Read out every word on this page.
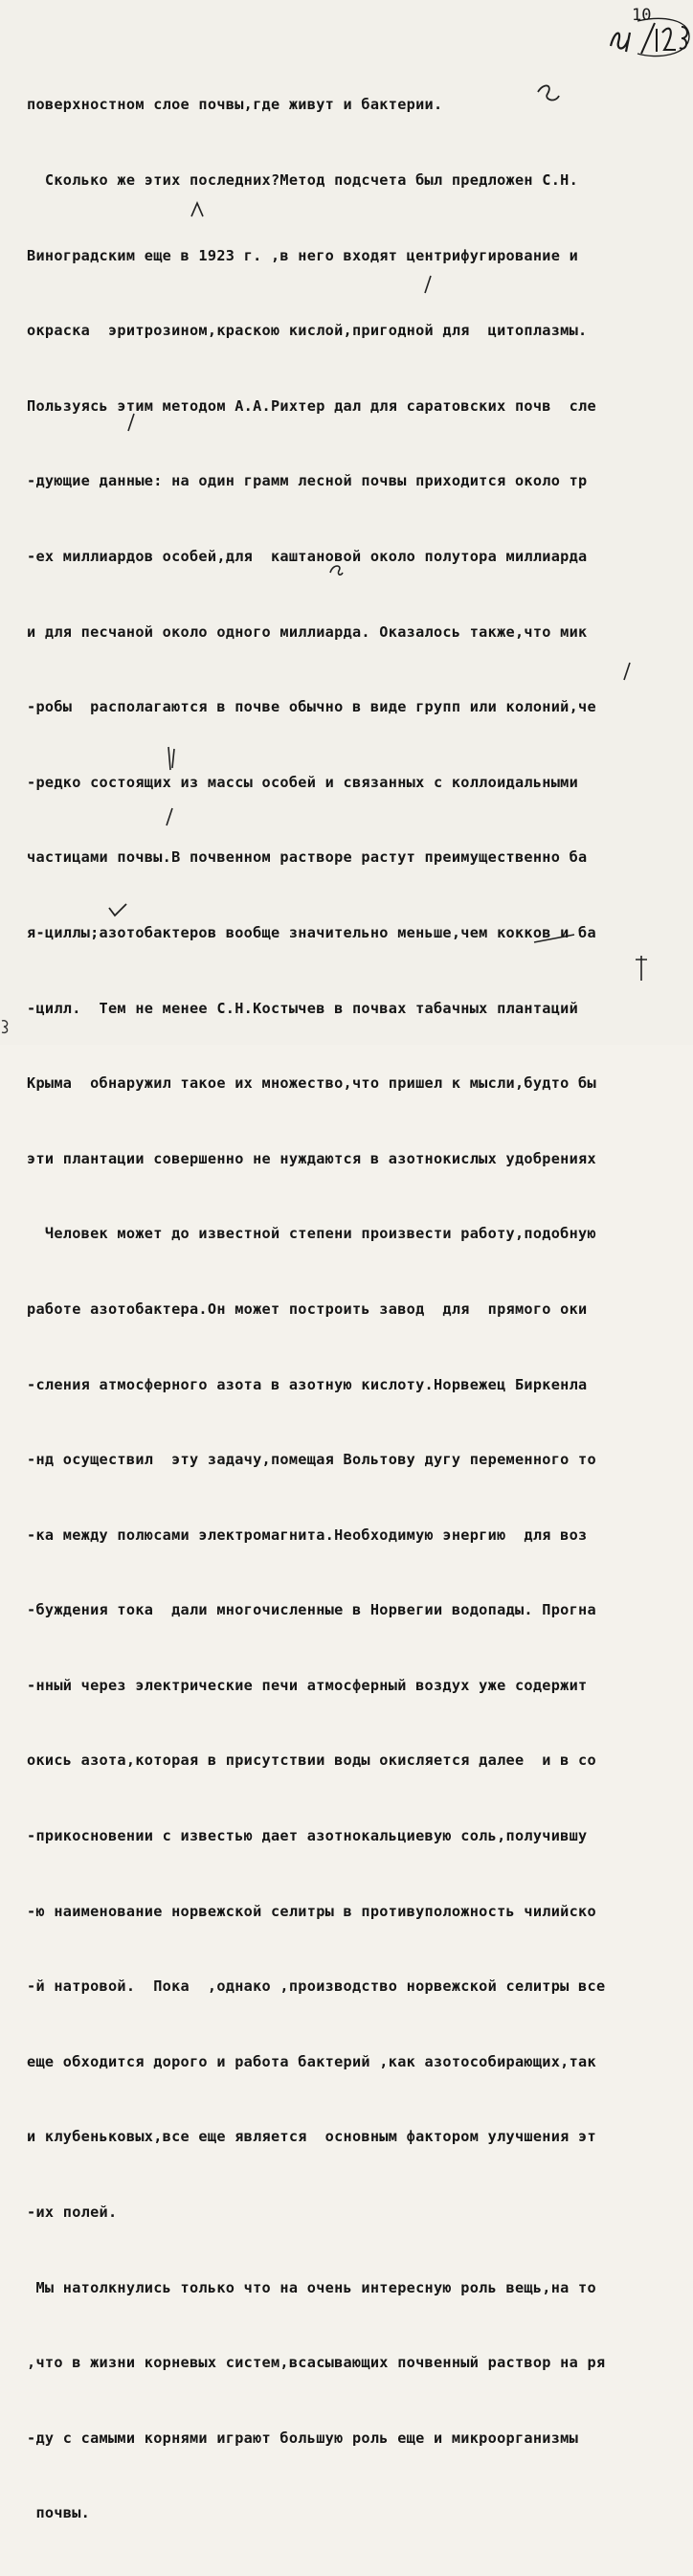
10

поверхностном слое почвы,где живут и бактерии.

Сколько же этих последних?Метод подсчета был предложен С.Н.

Виноградским еще в 1923 г. ,в него входят центрифугирование и

окраска  эритрозином,краскою кислой,пригодной для  цитоплазмы.

Пользуясь этим методом А.А.Рихтер дал для саратовских почв  сле

-дующие данные: на один грамм лесной почвы приходится около тр

-ех миллиардов особей,для  каштановой около полутора миллиарда

и для песчаной около одного миллиарда. Оказалось также,что мик

-робы  располагаются в почве обычно в виде групп или колоний,че

-редко состоящих из массы особей и связанных с коллоидальными

частицами почвы.В почвенном растворе растут преимущественно ба

я-циллы;азотобактеров вообще значительно меньше,чем кокков и ба

-цилл.  Тем не менее С.Н.Костычев в почвах табачных плантаций

Крыма  обнаружил такое их множество,что пришел к мысли,будто бы

эти плантации совершенно не нуждаются в азотнокислых удобрениях

Человек может до известной степени произвести работу,подобную

работе азотобактера.Он может построить завод  для  прямого оки

-сления атмосферного азота в азотную кислоту.Норвежец Биркенла

-нд осуществил  эту задачу,помещая Вольтову дугу переменного то

-ка между полюсами электромагнита.Необходимую энергию  для воз

-буждения тока  дали многочисленные в Норвегии водопады. Прогна

-нный через электрические печи атмосферный воздух уже содержит

окись азота,которая в присутствии воды окисляется далее  и в со

-прикосновении с известью дает азотнокальциевую соль,получившу

-ю наименование норвежской селитры в противуположность чилийско

-й натровой.  Пока  ,однако ,производство норвежской селитры все

еще обходится дорого и работа бактерий ,как азотособирающих,так

и клубеньковых,все еще является  основным фактором улучшения эт

-их полей.

Мы натолкнулись только что на очень интересную роль вещь,на то

,что в жизни корневых систем,всасывающих почвенный раствор на ря

-ду с самыми корнями играют большую роль еще и микроорганизмы

почвы.
